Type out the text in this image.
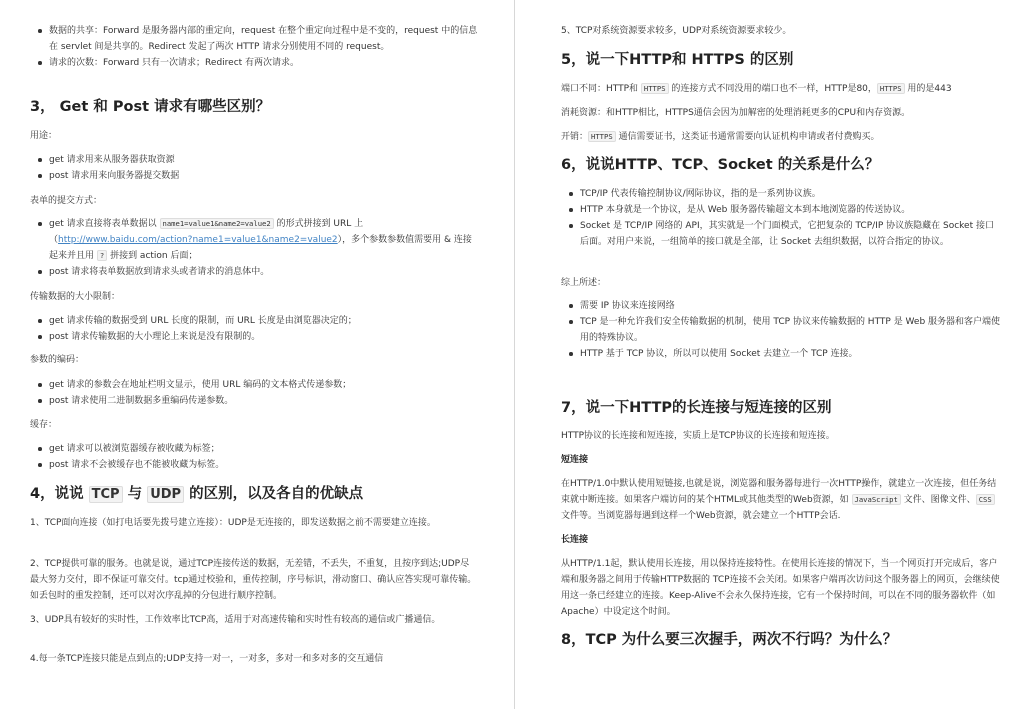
数据的共享：Forward 是服务器内部的重定向，request 在整个重定向过程中是不变的，request 中的信息在 servlet 间是共享的。Redirect 发起了两次 HTTP 请求分别使用不同的 request。
请求的次数：Forward 只有一次请求；Redirect 有两次请求。
3， Get 和 Post 请求有哪些区别？

用途：

get 请求用来从服务器获取资源
post 请求用来向服务器提交数据

表单的提交方式：

get 请求直接将表单数据以 name1=value1&name2=value2 的形式拼接到 URL 上（http://www.baidu.com/action?name1=value1&name2=value2），多个参数参数值需要用 & 连接起来并且用 ? 拼接到 action 后面；
post 请求将表单数据放到请求头或者请求的消息体中。

传输数据的大小限制：

get 请求传输的数据受到 URL 长度的限制，而 URL 长度是由浏览器决定的；
post 请求传输数据的大小理论上来说是没有限制的。

参数的编码：

get 请求的参数会在地址栏明文显示，使用 URL 编码的文本格式传递参数；
post 请求使用二进制数据多重编码传递参数。

缓存：

get 请求可以被浏览器缓存被收藏为标签；
post 请求不会被缓存也不能被收藏为标签。
4，说说 TCP 与 UDP 的区别，以及各自的优缺点

1、TCP面向连接（如打电话要先拨号建立连接）：UDP是无连接的，即发送数据之前不需要建立连接。

2、TCP提供可靠的服务。也就是说，通过TCP连接传送的数据，无差错，不丢失，不重复，且按序到达;UDP尽最大努力交付，即不保证可靠交付。tcp通过校验和，重传控制，序号标识，滑动窗口、确认应答实现可靠传输。如丢包时的重发控制，还可以对次序乱掉的分包进行顺序控制。

3、UDP具有较好的实时性，工作效率比TCP高，适用于对高速传输和实时性有较高的通信或广播通信。

4.每一条TCP连接只能是点到点的;UDP支持一对一，一对多，多对一和多对多的交互通信

5、TCP对系统资源要求较多，UDP对系统资源要求较少。

5，说一下HTTP和 HTTPS 的区别

端口不同：HTTP和 HTTPS 的连接方式不同没用的端口也不一样，HTTP是80， HTTPS 用的是443

消耗资源：和HTTP相比，HTTPS通信会因为加解密的处理消耗更多的CPU和内存资源。

开销： HTTPS 通信需要证书，这类证书通常需要向认证机构申请或者付费购买。

6，说说HTTP、TCP、Socket 的关系是什么？
TCP/IP 代表传输控制协议/网际协议，指的是一系列协议族。
HTTP 本身就是一个协议，是从 Web 服务器传输超文本到本地浏览器的传送协议。
Socket 是 TCP/IP 网络的 API，其实就是一个门面模式，它把复杂的 TCP/IP 协议族隐藏在 Socket 接口后面。对用户来说，一组简单的接口就是全部，让 Socket 去组织数据，以符合指定的协议。

综上所述：

需要 IP 协议来连接网络
TCP 是一种允许我们安全传输数据的机制，使用 TCP 协议来传输数据的 HTTP 是 Web 服务器和客户端使用的特殊协议。
HTTP 基于 TCP 协议，所以可以使用 Socket 去建立一个 TCP 连接。
7，说一下HTTP的长连接与短连接的区别

HTTP协议的长连接和短连接，实质上是TCP协议的长连接和短连接。

短连接

在HTTP/1.0中默认使用短链接,也就是说，浏览器和服务器每进行一次HTTP操作，就建立一次连接，但任务结束就中断连接。如果客户端访问的某个HTML或其他类型的Web资源，如 JavaScript 文件、图像文件、 CSS 文件等。当浏览器每遇到这样一个Web资源，就会建立一个HTTP会话.

长连接

从HTTP/1.1起，默认使用长连接，用以保持连接特性。在使用长连接的情况下，当一个网页打开完成后，客户端和服务器之间用于传输HTTP数据的 TCP连接不会关闭。如果客户端再次访问这个服务器上的网页，会继续使用这一条已经建立的连接。Keep-Alive不会永久保持连接，它有一个保持时间，可以在不同的服务器软件（如Apache）中设定这个时间。

8，TCP 为什么要三次握手，两次不行吗？为什么？
